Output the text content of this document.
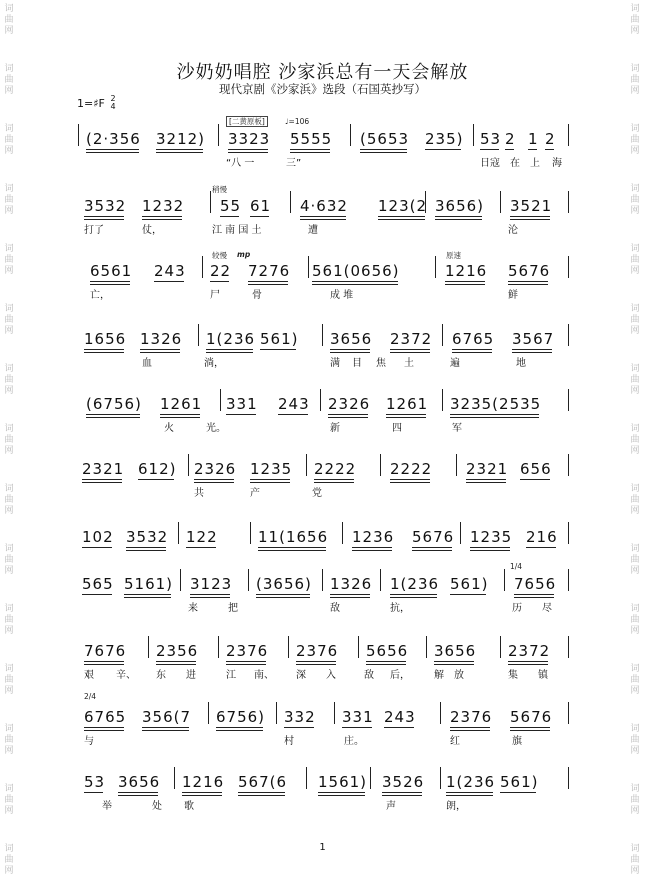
词
曲
网
词
曲
网
词
曲
网
词
曲
网
词
曲
网
词
曲
网
词
曲
网
词
曲
网
词
曲
网
词
曲
网
词
曲
网
词
曲
网
词
曲
网
词
曲
网
词
曲
网
词
曲
网
词
曲
网
词
曲
网
词
曲
网
词
曲
网
词
曲
网
词
曲
网
词
曲
网
词
曲
网
词
曲
网
词
曲
网
词
曲
网
词
曲
网
词
曲
网
词
曲
网
沙奶奶唱腔 沙家浜总有一天会解放
现代京剧《沙家浜》选段（石国英抄写）
1=♯F 2
4
[二黄原板]	♩=106
稍慢
较慢 mp	原速
1/4
2/4
(2·356 3212) 3323 5555 (5653 235) 53 2 1 2
“八 一	三”	日寇 在 上 海
3532 1232 55 61 4·632 123(2 3656) 3521
打了	仗，	江 南 国 土	遭	沦
6561 243 22 7276 561(0656)	1216 5676
亡，	尸	骨	成 堆	鲜
1656 1326 1(236 561) 3656 2372 6765 3567
血	淌，	满 目 焦 土	遍	地
(6756) 1261 331 243 2326 1261 3235(2535
火	光。	新	四	军
2321 612) 2326 1235 2222 2222 2321 656
共	产	党
102 3532 122	11(1656 1236 5676 1235 216
565 5161) 3123 (3656) 1326 1(236 561) 7656
来	把	敌	抗，	历 尽
7676 2356 2376 2376 5656 3656 2372
艰 辛、 东 进	江 南、 深 入	敌 后， 解 放	集 镇
6765 356(7 6756) 332 331 243 2376 5676
与	村	庄。	红	旗
53 3656 1216 567(6 1561) 3526 1(236 561)
举	处 歌	声	朗，
1
